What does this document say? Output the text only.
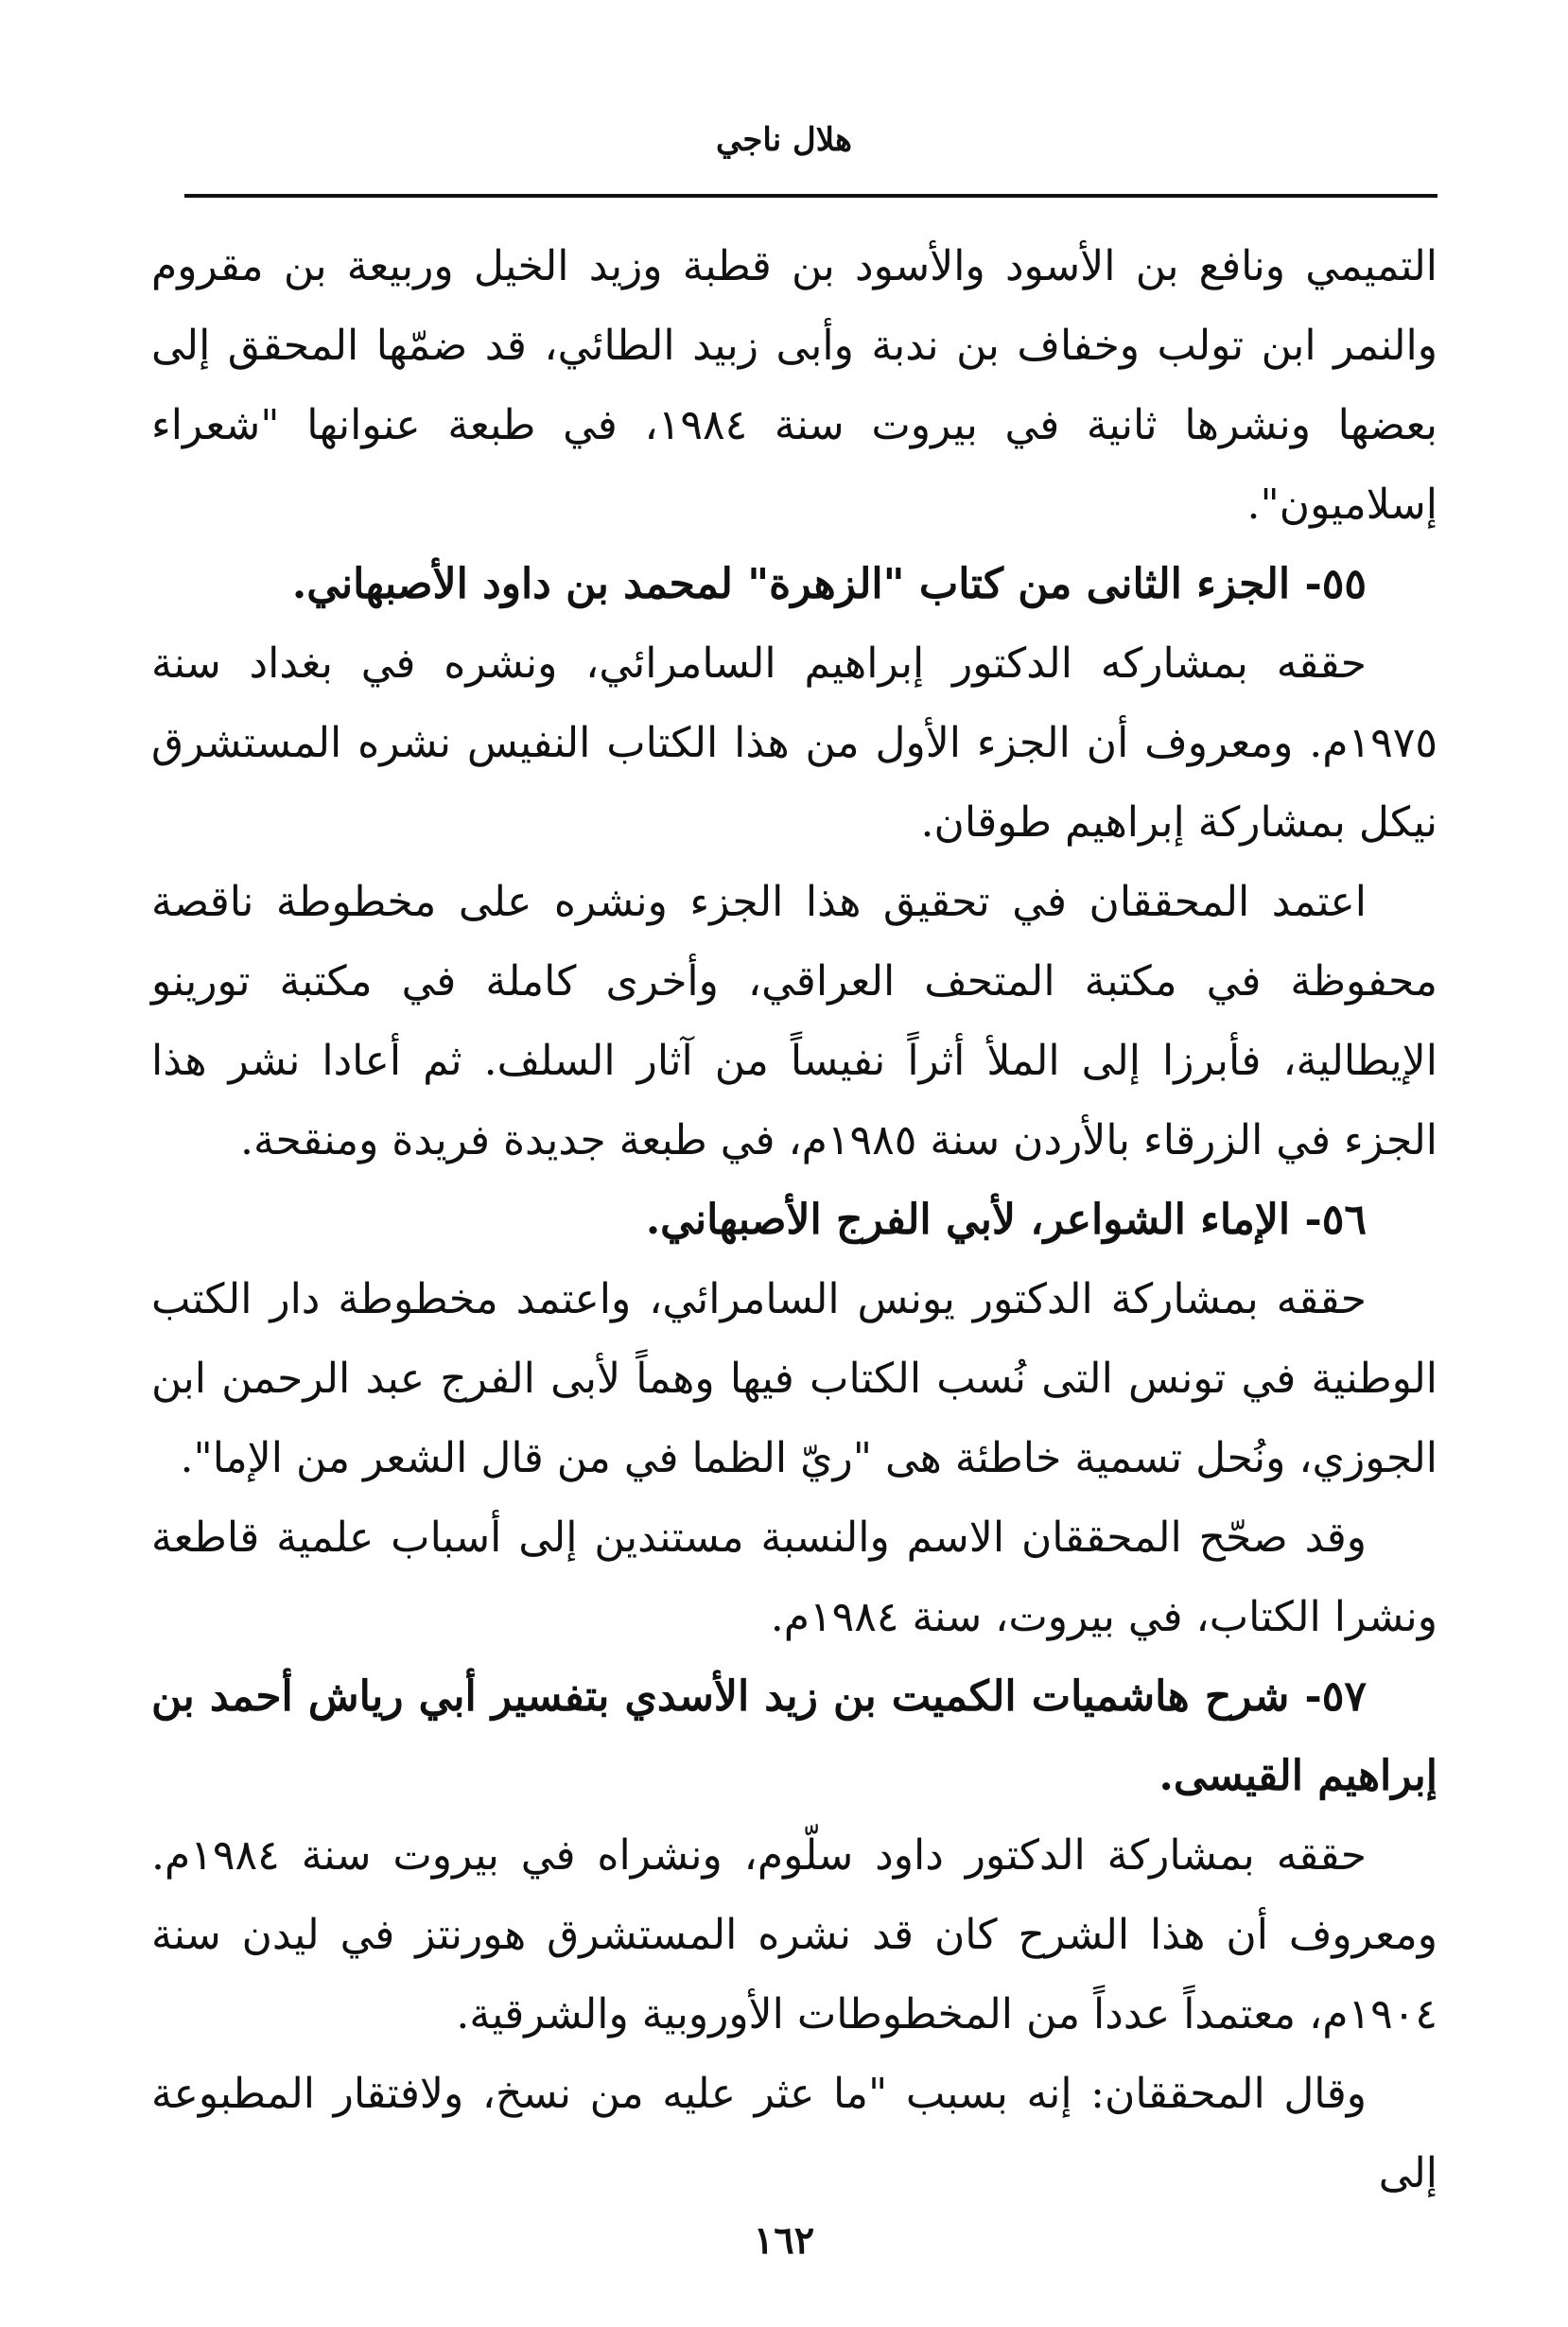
هلال ناجي

التميمي ونافع بن الأسود والأسود بن قطبة وزيد الخيل وربيعة بن مقروم والنمر ابن تولب وخفاف بن ندبة وأبى زبيد الطائي، قد ضمّها المحقق إلى بعضها ونشرها ثانية في بيروت سنة ١٩٨٤، في طبعة عنوانها "شعراء إسلاميون".

٥٥- الجزء الثانى من كتاب "الزهرة" لمحمد بن داود الأصبهاني.

حققه بمشاركه الدكتور إبراهيم السامرائي، ونشره في بغداد سنة ١٩٧٥م. ومعروف أن الجزء الأول من هذا الكتاب النفيس نشره المستشرق نيكل بمشاركة إبراهيم طوقان.

اعتمد المحققان في تحقيق هذا الجزء ونشره على مخطوطة ناقصة محفوظة في مكتبة المتحف العراقي، وأخرى كاملة في مكتبة تورينو الإيطالية، فأبرزا إلى الملأ أثراً نفيساً من آثار السلف. ثم أعادا نشر هذا الجزء في الزرقاء بالأردن سنة ١٩٨٥م، في طبعة جديدة فريدة ومنقحة.

٥٦- الإماء الشواعر، لأبي الفرج الأصبهاني.

حققه بمشاركة الدكتور يونس السامرائي، واعتمد مخطوطة دار الكتب الوطنية في تونس التى نُسب الكتاب فيها وهماً لأبى الفرج عبد الرحمن ابن الجوزي، ونُحل تسمية خاطئة هى "ريّ الظما في من قال الشعر من الإما".

وقد صحّح المحققان الاسم والنسبة مستندين إلى أسباب علمية قاطعة ونشرا الكتاب، في بيروت، سنة ١٩٨٤م.

٥٧- شرح هاشميات الكميت بن زيد الأسدي بتفسير أبي رياش أحمد بن إبراهيم القيسى.

حققه بمشاركة الدكتور داود سلّوم، ونشراه في بيروت سنة ١٩٨٤م. ومعروف أن هذا الشرح كان قد نشره المستشرق هورنتز في ليدن سنة ١٩٠٤م، معتمداً عدداً من المخطوطات الأوروبية والشرقية.

وقال المحققان: إنه بسبب "ما عثر عليه من نسخ، ولافتقار المطبوعة إلى

١٦٢
